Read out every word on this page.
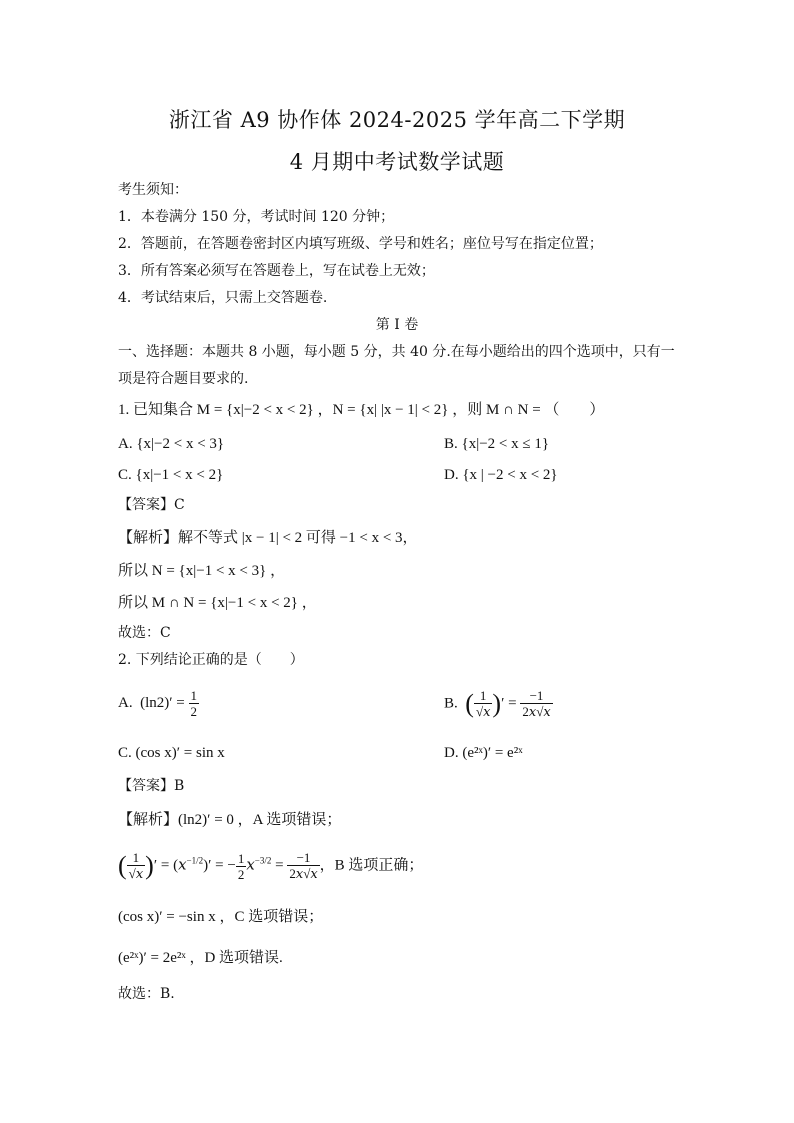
浙江省 A9 协作体 2024-2025 学年高二下学期
4 月期中考试数学试题
考生须知：
1．本卷满分 150 分，考试时间 120 分钟；
2．答题前，在答题卷密封区内填写班级、学号和姓名；座位号写在指定位置；
3．所有答案必须写在答题卷上，写在试卷上无效；
4．考试结束后，只需上交答题卷.
第 I 卷
一、选择题：本题共 8 小题，每小题 5 分，共 40 分.在每小题给出的四个选项中，只有一
项是符合题目要求的.
1. 已知集合 M = {x|−2 < x < 2} ，N = {x| |x − 1| < 2} ，则 M ∩ N = （　　）
A. {x|−2 < x < 3}	B. {x|−2 < x ≤ 1}
C. {x|−1 < x < 2}	D. {x | −2 < x < 2}
【答案】C
【解析】解不等式 |x − 1| < 2 可得 −1 < x < 3，
所以 N = {x|−1 < x < 3} ，
所以 M ∩ N = {x|−1 < x < 2} ，
故选：C
2. 下列结论正确的是（　　）
A.  $(\ln 2)' = \frac{1}{2}$	B. ( $\frac{1}{√x}$ )′ = $\frac{-1}{2x√x}$
C. (cos x)′ = sin x	D. (e²ˣ)′ = e²ˣ
【答案】B
【解析】(ln2)′ = 0 ，A 选项错误；
( $\frac{1}{√x}$ )′ = $(x^{-1/2})'$ = − $\frac{1}{2} x^{-3/2} = \frac{-1}{2x√x}$ ，B 选项正确；
(cos x)′ = −sin x ，C 选项错误；
(e²ˣ)′ = 2e²ˣ ，D 选项错误.
故选：B.
